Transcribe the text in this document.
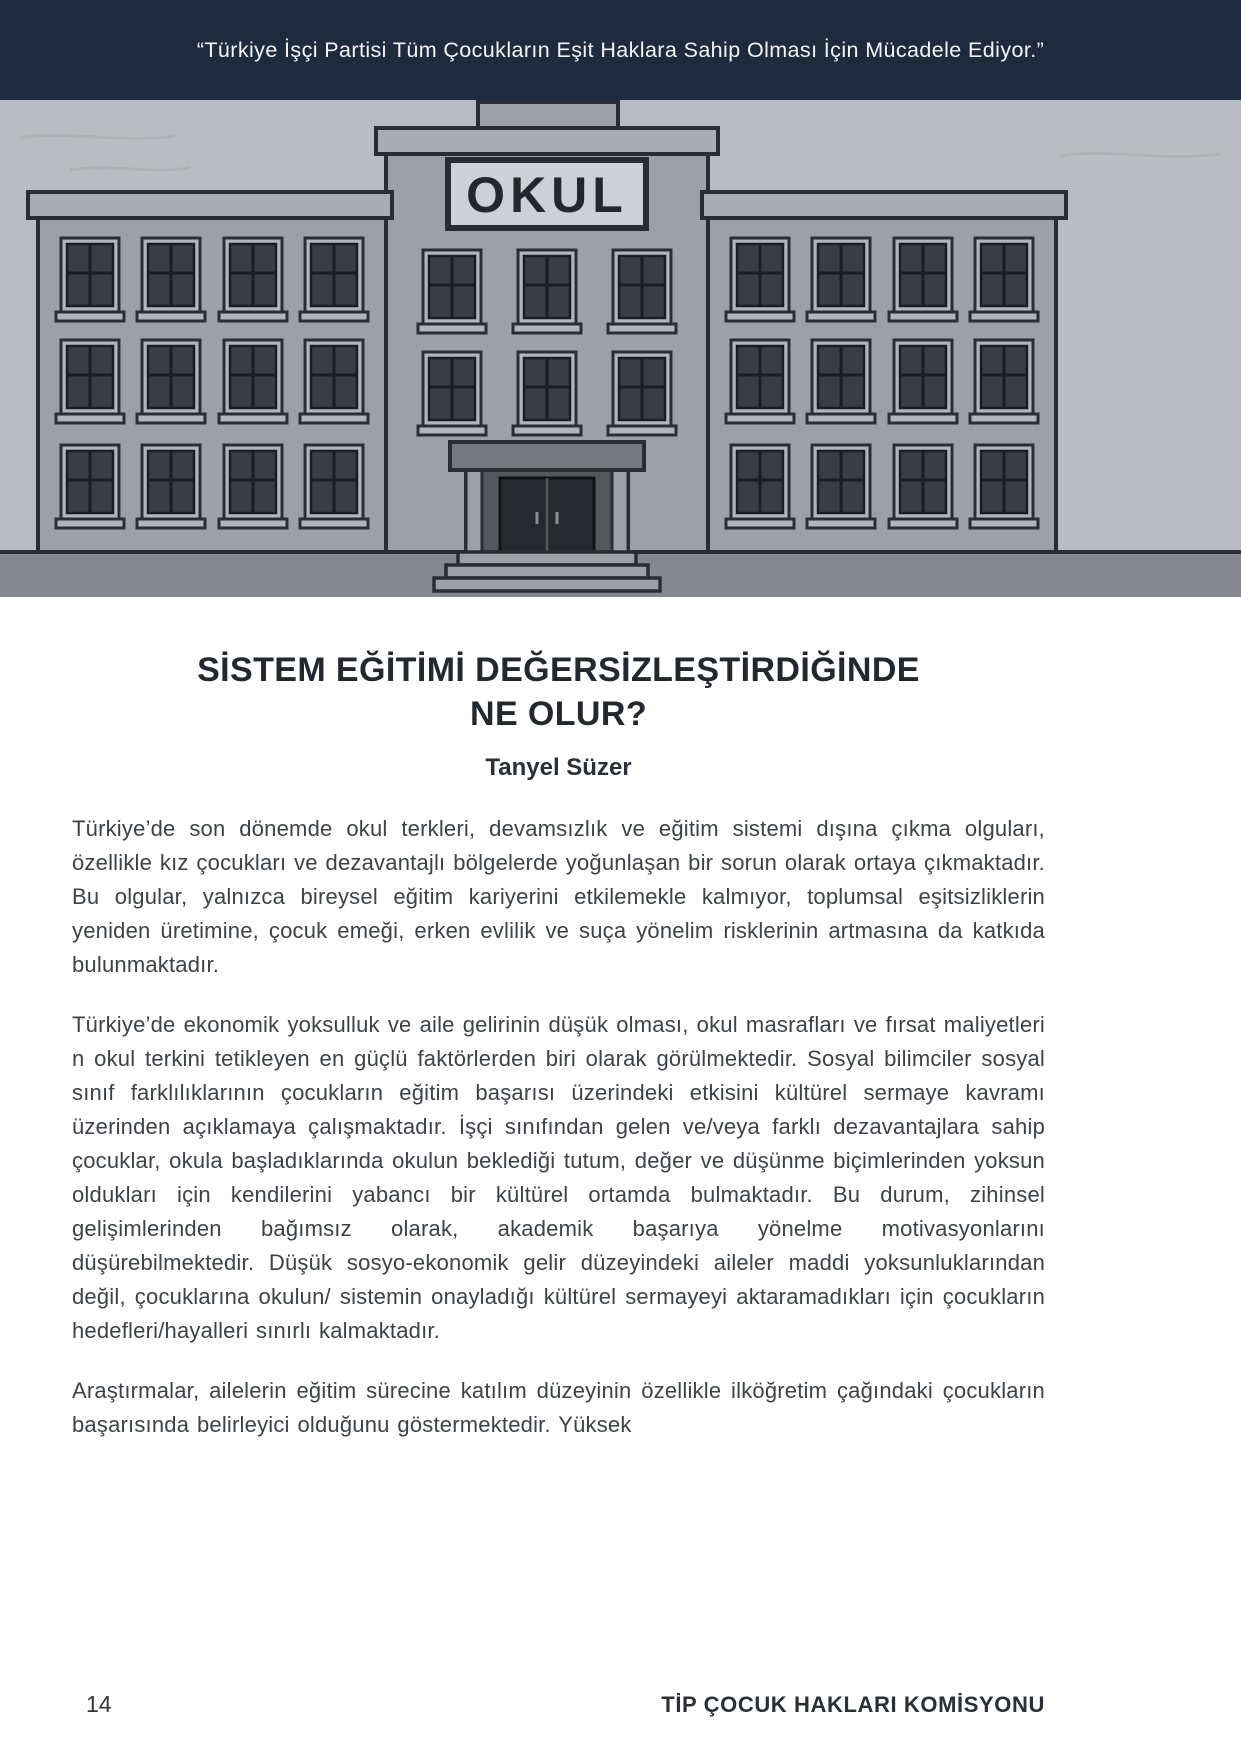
“Türkiye İşçi Partisi Tüm Çocukların Eşit Haklara Sahip Olması İçin Mücadele Ediyor.”
OKUL
SİSTEM EĞİTİMİ DEĞERSİZLEŞTİRDİĞİNDE
NE OLUR?
Tanyel Süzer

Türkiye’de son dönemde okul terkleri, devamsızlık ve eğitim sistemi dışına çıkma olguları, özellikle kız çocukları ve dezavantajlı bölgelerde yoğunlaşan bir sorun olarak ortaya çıkmaktadır. Bu olgular, yalnızca bireysel eğitim kariyerini etkilemekle kalmıyor, toplumsal eşitsizliklerin yeniden üretimine, çocuk emeği, erken evlilik ve suça yönelim risklerinin artmasına da katkıda bulunmaktadır.

Türkiye’de ekonomik yoksulluk ve aile gelirinin düşük olması, okul masrafları ve fırsat maliyetleri n okul terkini tetikleyen en güçlü faktörlerden biri olarak görülmektedir. Sosyal bilimciler sosyal sınıf farklılıklarının çocukların eğitim başarısı üzerindeki etkisini kültürel sermaye kavramı üzerinden açıklamaya çalışmaktadır. İşçi sınıfından gelen ve/veya farklı dezavantajlara sahip çocuklar, okula başladıklarında okulun beklediği tutum, değer ve düşünme biçimlerinden yoksun oldukları için kendilerini yabancı bir kültürel ortamda bulmaktadır. Bu durum, zihinsel gelişimlerinden bağımsız olarak, akademik başarıya yönelme motivasyonlarını düşürebilmektedir. Düşük sosyo-ekonomik gelir düzeyindeki aileler maddi yoksunluklarından değil, çocuklarına okulun/ sistemin onayladığı kültürel sermayeyi aktaramadıkları için çocukların hedefleri/hayalleri sınırlı kalmaktadır.

Araştırmalar, ailelerin eğitim sürecine katılım düzeyinin özellikle ilköğretim çağındaki çocukların başarısında belirleyici olduğunu göstermektedir. Yüksek

14	TİP ÇOCUK HAKLARI KOMİSYONU
